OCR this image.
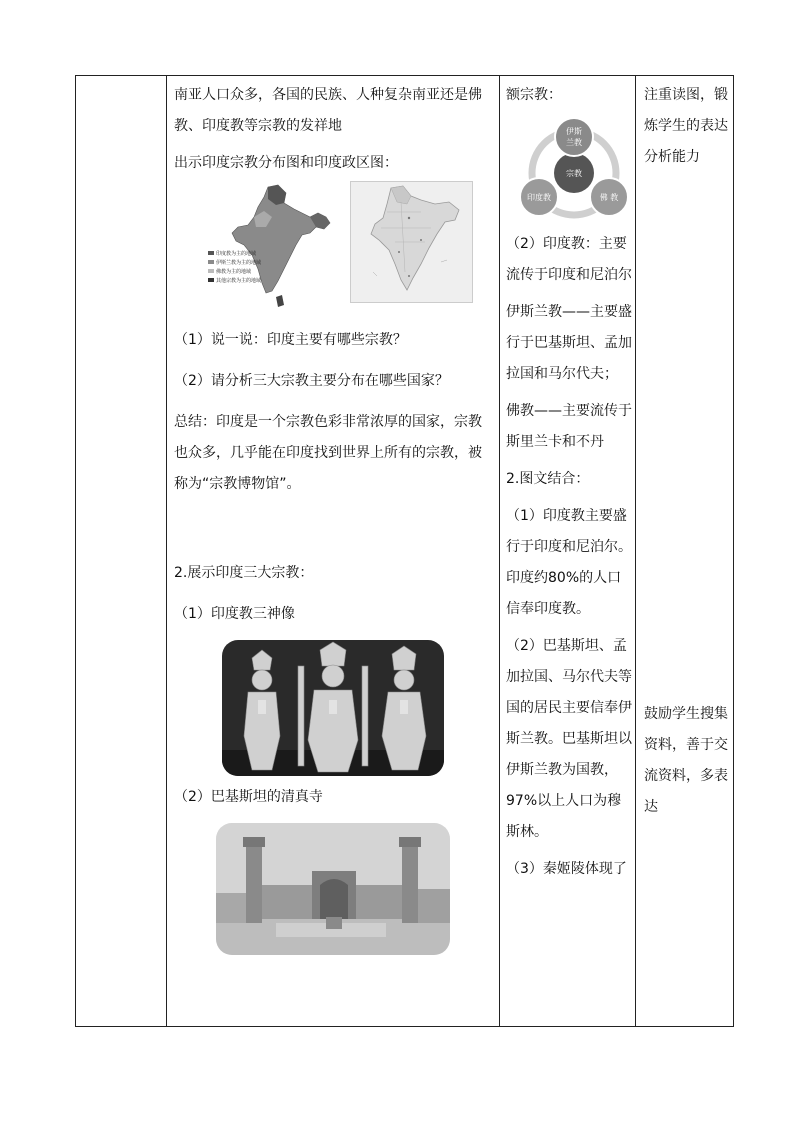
南亚人口众多，各国的民族、人种复杂南亚还是佛教、印度教等宗教的发祥地

出示印度宗教分布图和印度政区图：

印度教为主的地域
伊斯兰教为主的地域
佛教为主的地域
其他宗教为主的地域

（1）说一说：印度主要有哪些宗教？

（2）请分析三大宗教主要分布在哪些国家？

总结：印度是一个宗教色彩非常浓厚的国家，宗教也众多，几乎能在印度找到世界上所有的宗教，被称为“宗教博物馆”。

2.展示印度三大宗教：

（1）印度教三神像

（2）巴基斯坦的清真寺

额宗教：

伊斯
兰教
宗教
印度教	佛 教

（2）印度教：主要流传于印度和尼泊尔

伊斯兰教——主要盛行于巴基斯坦、孟加拉国和马尔代夫；

佛教——主要流传于斯里兰卡和不丹

2.图文结合：

（1）印度教主要盛行于印度和尼泊尔。印度约80%的人口信奉印度教。

（2）巴基斯坦、孟加拉国、马尔代夫等国的居民主要信奉伊斯兰教。巴基斯坦以伊斯兰教为国教，97%以上人口为穆斯林。

（3）秦姬陵体现了

注重读图，锻炼学生的表达分析能力

鼓励学生搜集资料，善于交流资料，多表达
